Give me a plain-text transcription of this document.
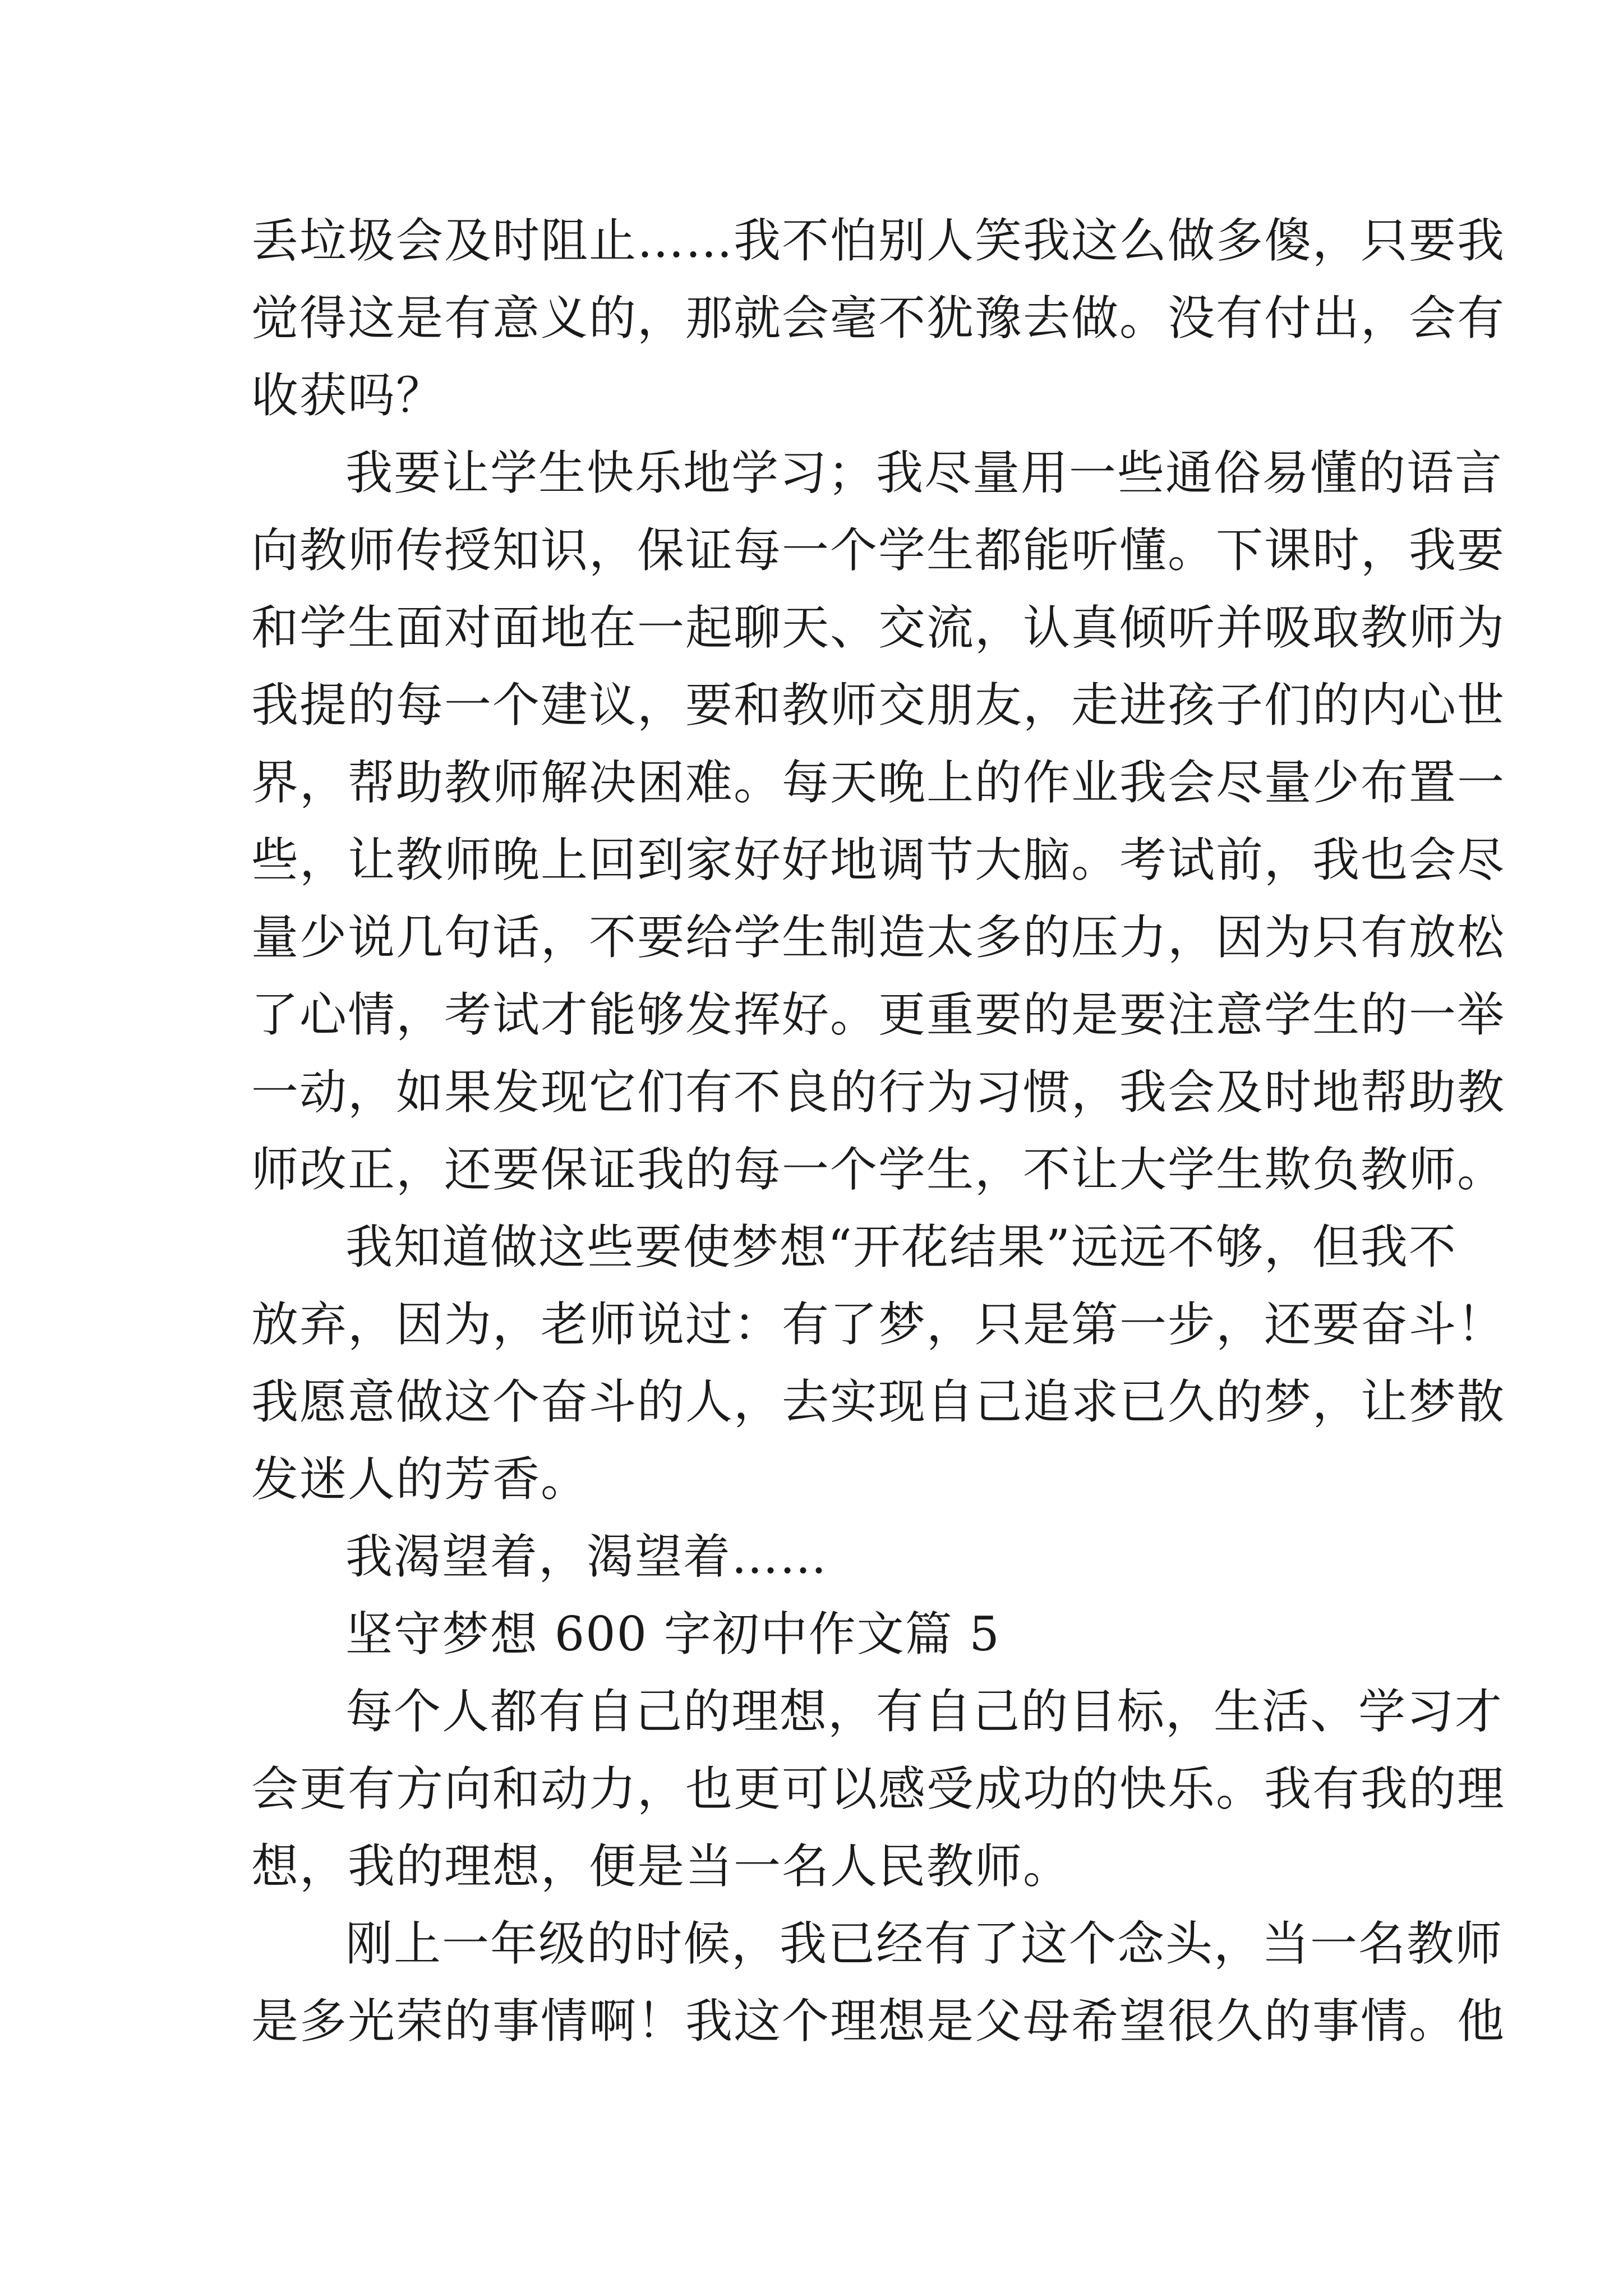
丢垃圾会及时阻止……我不怕别人笑我这么做多傻，只要我
觉得这是有意义的，那就会毫不犹豫去做。没有付出，会有
收获吗？
我要让学生快乐地学习；我尽量用一些通俗易懂的语言
向教师传授知识，保证每一个学生都能听懂。下课时，我要
和学生面对面地在一起聊天、交流，认真倾听并吸取教师为
我提的每一个建议，要和教师交朋友，走进孩子们的内心世
界，帮助教师解决困难。每天晚上的作业我会尽量少布置一
些，让教师晚上回到家好好地调节大脑。考试前，我也会尽
量少说几句话，不要给学生制造太多的压力，因为只有放松
了心情，考试才能够发挥好。更重要的是要注意学生的一举
一动，如果发现它们有不良的行为习惯，我会及时地帮助教
师改正，还要保证我的每一个学生，不让大学生欺负教师。
我知道做这些要使梦想“开花结果”远远不够，但我不
放弃，因为，老师说过：有了梦，只是第一步，还要奋斗！
我愿意做这个奋斗的人，去实现自己追求已久的梦，让梦散
发迷人的芳香。
我渴望着，渴望着……
坚守梦想 600 字初中作文篇 5
每个人都有自己的理想，有自己的目标，生活、学习才
会更有方向和动力，也更可以感受成功的快乐。我有我的理
想，我的理想，便是当一名人民教师。
刚上一年级的时候，我已经有了这个念头，当一名教师
是多光荣的事情啊！我这个理想是父母希望很久的事情。他
